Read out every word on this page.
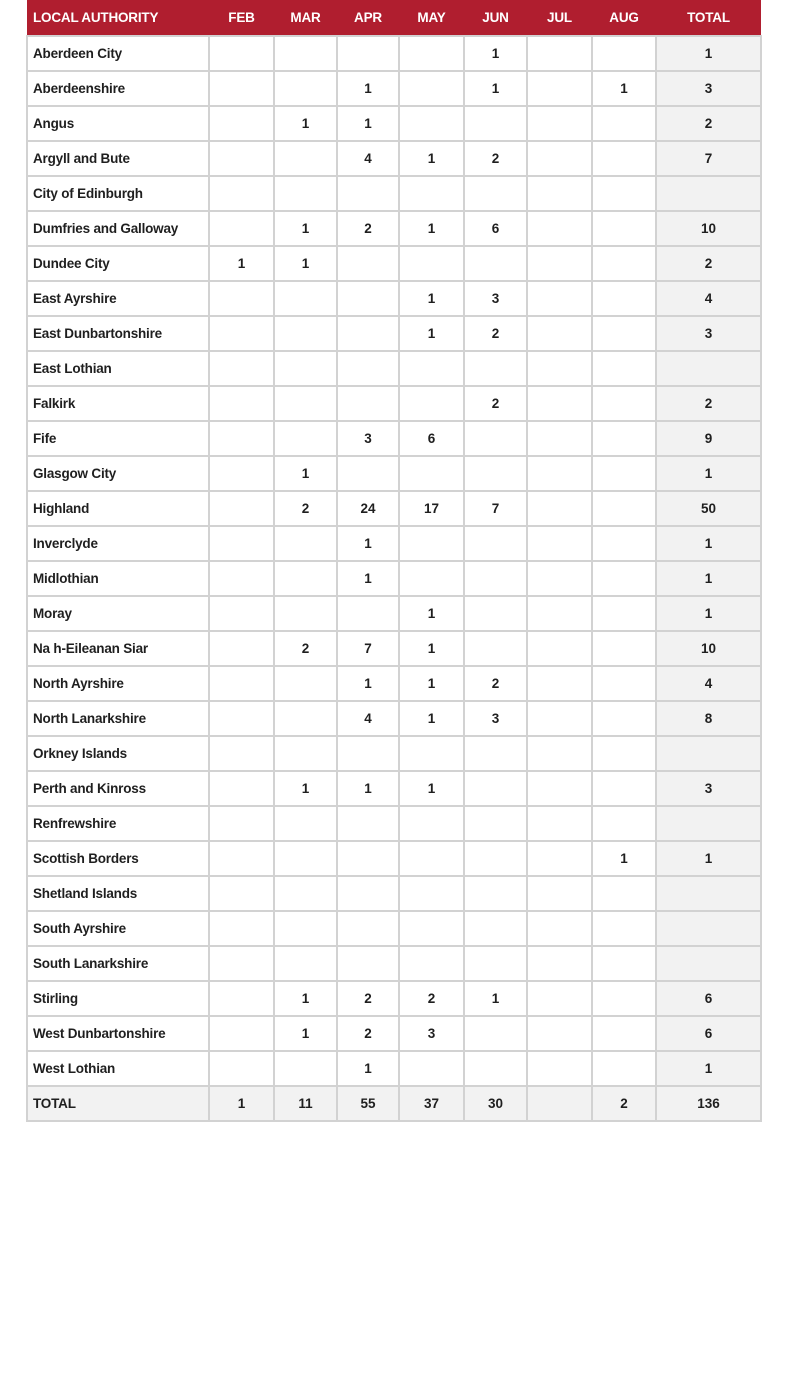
LOCAL AUTHORITY	FEB	MAR	APR	MAY	JUN	JUL	AUG	TOTAL
Aberdeen City					1			1
Aberdeenshire			1		1		1	3
Angus		1	1					2
Argyll and Bute			4	1	2			7
City of Edinburgh								
Dumfries and Galloway		1	2	1	6			10
Dundee City	1	1						2
East Ayrshire				1	3			4
East Dunbartonshire				1	2			3
East Lothian								
Falkirk					2			2
Fife			3	6				9
Glasgow City		1						1
Highland		2	24	17	7			50
Inverclyde			1					1
Midlothian			1					1
Moray				1				1
Na h-Eileanan Siar		2	7	1				10
North Ayrshire			1	1	2			4
North Lanarkshire			4	1	3			8
Orkney Islands								
Perth and Kinross		1	1	1				3
Renfrewshire								
Scottish Borders							1	1
Shetland Islands								
South Ayrshire								
South Lanarkshire								
Stirling		1	2	2	1			6
West Dunbartonshire		1	2	3				6
West Lothian			1					1
TOTAL	1	11	55	37	30		2	136
